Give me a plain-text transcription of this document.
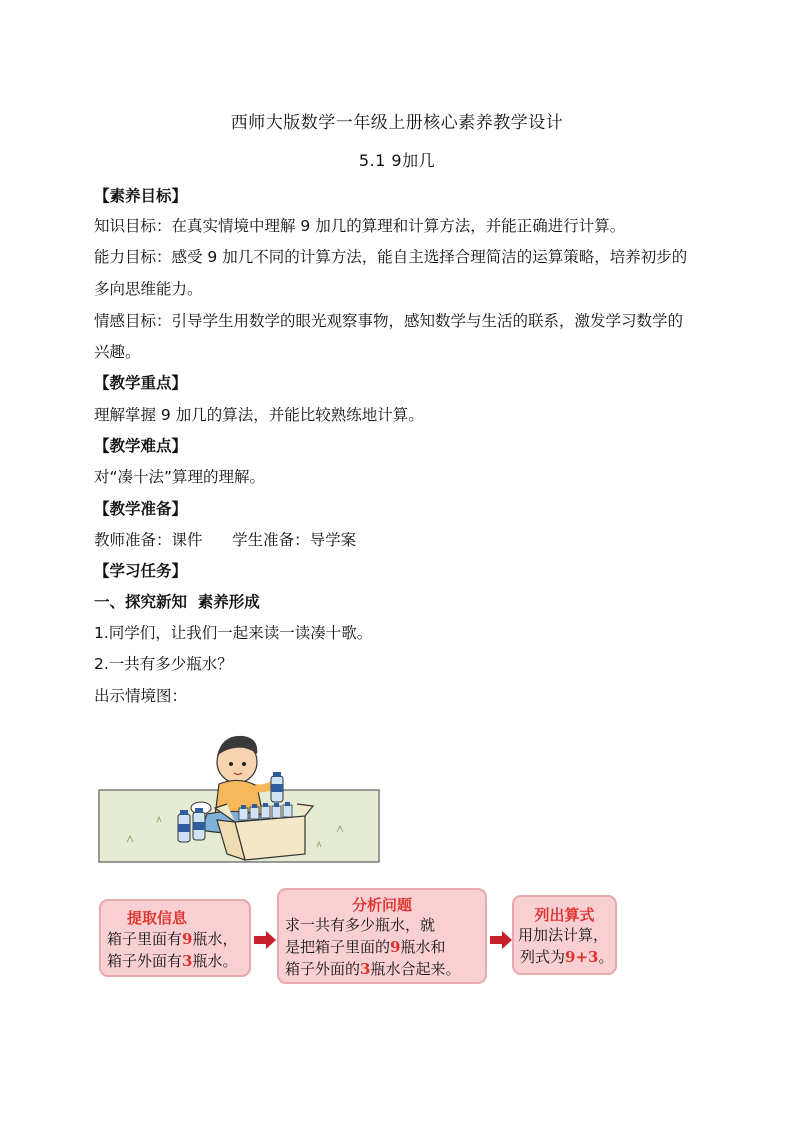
西师大版数学一年级上册核心素养教学设计
5.1 9加几
【素养目标】
知识目标：在真实情境中理解 9 加几的算理和计算方法，并能正确进行计算。
能力目标：感受 9 加几不同的计算方法，能自主选择合理简洁的运算策略，培养初步的
多向思维能力。
情感目标：引导学生用数学的眼光观察事物，感知数学与生活的联系，激发学习数学的
兴趣。
【教学重点】
理解掌握 9 加几的算法，并能比较熟练地计算。
【教学难点】
对“凑十法”算理的理解。
【教学准备】
教师准备：课件      学生准备：导学案
【学习任务】
一、探究新知  素养形成
1.同学们，让我们一起来读一读凑十歌。
2.一共有多少瓶水？
出示情境图：
提取信息
箱子里面有9瓶水，
箱子外面有3瓶水。
分析问题
求一共有多少瓶水，就
是把箱子里面的9瓶水和
箱子外面的3瓶水合起来。
列出算式
用加法计算，
列式为9+3。
